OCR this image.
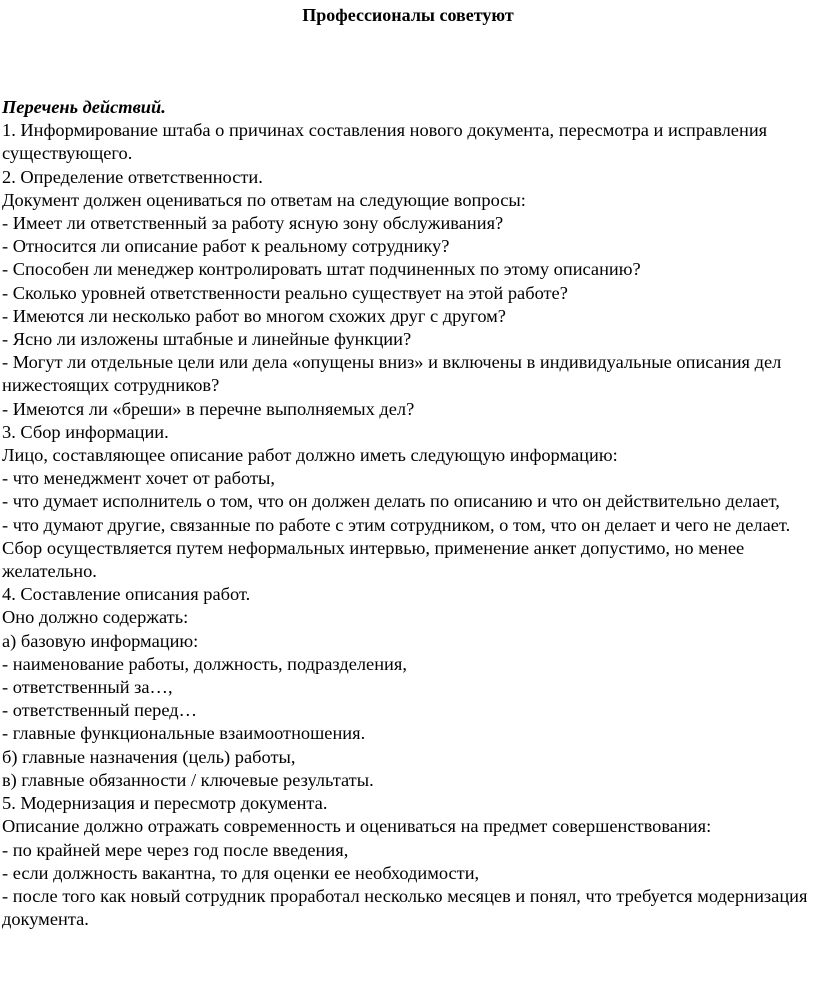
Профессионалы советуют
Перечень действий.
1. Информирование штаба о причинах составления нового документа, пересмотра и исправления существующего.
2. Определение ответственности.
Документ должен оцениваться по ответам на следующие вопросы:
- Имеет ли ответственный за работу ясную зону обслуживания?
- Относится ли описание работ к реальному сотруднику?
- Способен ли менеджер контролировать штат подчиненных по этому описанию?
- Сколько уровней ответственности реально существует на этой работе?
- Имеются ли несколько работ во многом схожих друг с другом?
- Ясно ли изложены штабные и линейные функции?
- Могут ли отдельные цели или дела «опущены вниз» и включены в индивидуальные описания дел нижестоящих сотрудников?
- Имеются ли «бреши» в перечне выполняемых дел?
3. Сбор информации.
Лицо, составляющее описание работ должно иметь следующую информацию:
- что менеджмент хочет от работы,
- что думает исполнитель о том, что он должен делать по описанию и что он действительно делает,
- что думают другие, связанные по работе с этим сотрудником, о том, что он делает и чего не делает.
Сбор осуществляется путем неформальных интервью, применение анкет допустимо, но менее желательно.
4. Составление описания работ.
Оно должно содержать:
а) базовую информацию:
- наименование работы, должность, подразделения,
- ответственный за…,
- ответственный перед…
- главные функциональные взаимоотношения.
б) главные назначения (цель) работы,
в) главные обязанности / ключевые результаты.
5. Модернизация и пересмотр документа.
Описание должно отражать современность и оцениваться на предмет совершенствования:
- по крайней мере через год после введения,
- если должность вакантна, то для оценки ее необходимости,
- после того как новый сотрудник проработал несколько месяцев и понял, что требуется модернизация документа.
